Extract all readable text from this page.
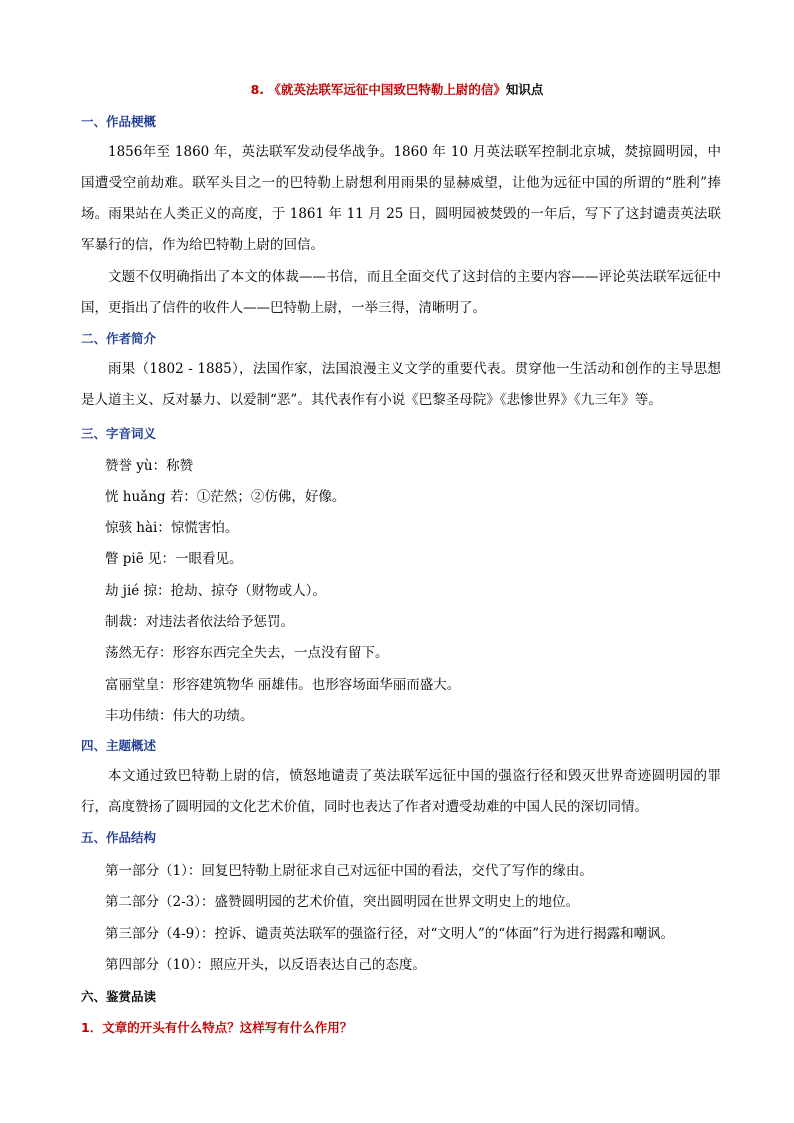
8. 《就英法联军远征中国致巴特勒上尉的信》知识点
一、作品梗概
1856年至 1860 年，英法联军发动侵华战争。1860 年 10 月英法联军控制北京城，焚掠圆明园，中国遭受空前劫难。联军头目之一的巴特勒上尉想利用雨果的显赫威望，让他为远征中国的所谓的“胜利”捧场。雨果站在人类正义的高度，于 1861 年 11 月 25 日，圆明园被焚毁的一年后，写下了这封谴责英法联军暴行的信，作为给巴特勒上尉的回信。
文题不仅明确指出了本文的体裁——书信，而且全面交代了这封信的主要内容——评论英法联军远征中国，更指出了信件的收件人——巴特勒上尉，一举三得，清晰明了。
二、作者简介
雨果（1802 - 1885），法国作家，法国浪漫主义文学的重要代表。贯穿他一生活动和创作的主导思想是人道主义、反对暴力、以爱制“恶”。其代表作有小说《巴黎圣母院》《悲惨世界》《九三年》等。
三、字音词义
赞誉 yù：称赞
恍 huǎng 若：①茫然；②仿佛，好像。
惊骇 hài：惊慌害怕。
瞥 piē 见：一眼看见。
劫 jié 掠：抢劫、掠夺（财物或人）。
制裁：对违法者依法给予惩罚。
荡然无存：形容东西完全失去，一点没有留下。
富丽堂皇：形容建筑物华 丽雄伟。也形容场面华丽而盛大。
丰功伟绩：伟大的功绩。
四、主题概述
本文通过致巴特勒上尉的信，愤怒地谴责了英法联军远征中国的强盗行径和毁灭世界奇迹圆明园的罪行，高度赞扬了圆明园的文化艺术价值，同时也表达了作者对遭受劫难的中国人民的深切同情。
五、作品结构
第一部分（1）：回复巴特勒上尉征求自己对远征中国的看法，交代了写作的缘由。
第二部分（2-3）：盛赞圆明园的艺术价值，突出圆明园在世界文明史上的地位。
第三部分（4-9）：控诉、谴责英法联军的强盗行径，对“文明人”的“体面”行为进行揭露和嘲讽。
第四部分（10）：照应开头，以反语表达自己的态度。
六、鉴赏品读
1．文章的开头有什么特点？这样写有什么作用？
